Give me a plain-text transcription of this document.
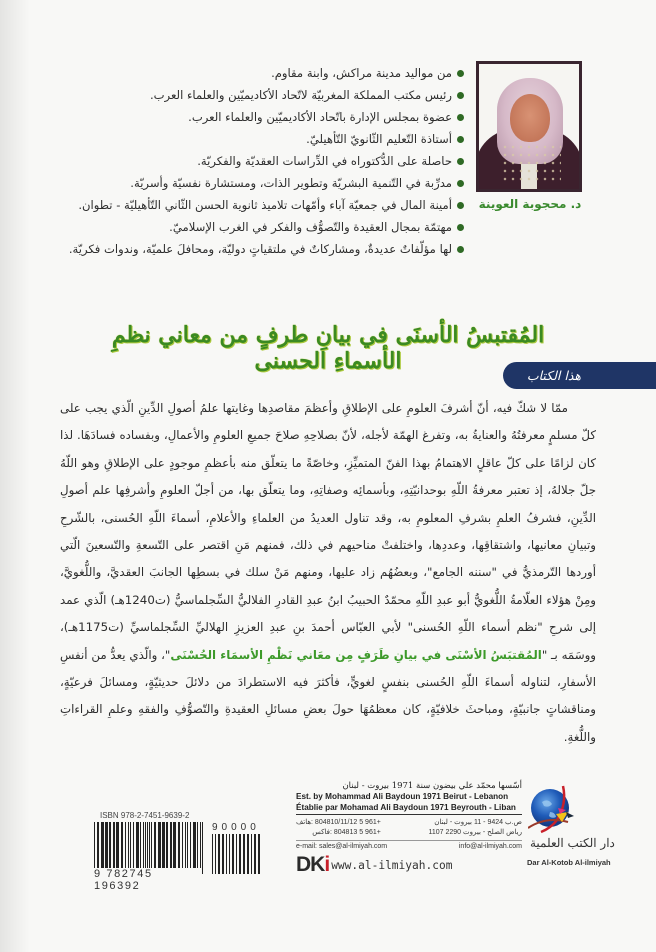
د. محجوبة العوينة
من مواليد مدينة مراكش، وابنة مقاوم.
رئيس مكتب المملكة المغربيّة لاتّحاد الأكاديميّين والعلماء العرب.
عضوة بمجلس الإدارة باتّحاد الأكاديميّين والعلماء العرب.
أستاذة التّعليم الثّانويّ التّأهيليّ.
حاصلة على الدُّكتوراه في الدِّراسات العقديّة والفكريّة.
مدرِّبة في التّنمية البشريّة وتطوير الذات، ومستشارة نفسيّة وأسريّة.
أمينة المال في جمعيّة آباء وأمّهات تلاميذ ثانوية الحسن الثّاني التّأهيليّة - تطوان.
مهتمّة بمجال العقيدة والتّصوُّف والفكر في الغرب الإسلاميّ.
لها مؤلّفاتٌ عديدةٌ، ومشاركاتٌ في ملتقياتٍ دوليّة، ومحافلَ علميّة، وندوات فكريّة.
المُقتبسُ الأسنَى في بيانِ طرفٍ من معاني نظمِ الأسماءِ الحسنى
هذا الكتاب

ممّا لا شكّ فيه، أنّ أشرفَ العلومِ على الإطلاقِ وأعظمَ مقاصدِها وغايتها علمُ أصولِ الدِّينِ الّذي يجب على كلّ مسلمٍ معرفتُهُ والعنايةُ به، وتفرغ الهمّة لأجله، لأنّ بصلاحِهِ صلاحَ جميعِ العلومِ والأعمالِ، وبفساده فسادَهَا. لذا كان لزامًا على كلّ عاقلٍ الاهتمامُ بهذا الفنّ المتميِّزِ، وخاصّةً ما يتعلّق منه بأعظمِ موجودٍ على الإطلاقِ وهو اللّهُ جلّ جلالهُ، إذ تعتبر معرفةُ اللّهِ بوحدانيّتِهِ، وبأسمائِه وصفاتِهِ، وما يتعلّق بها، من أجلّ العلومِ وأشرفِها علم أصولِ الدِّينِ، فشرفُ العلمِ بشرفِ المعلومِ به، وقد تناول العديدُ من العلماءِ والأعلامِ، أسماءَ اللّهِ الحُسنى، بالشّرحِ وتبيانِ معانيها، واشتقاقِها، وعددِها، واختلفتْ مناحيهم في ذلك، فمنهم مَنِ اقتصر على التّسعةِ والتّسعينَ الّتي أوردها التّرمذيُّ في "سننه الجامع"، وبعضُهُم زاد عليها، ومنهم مَنْ سلك في بسطِها الجانبَ العقديَّ، واللُّغويَّ، ومِنْ هؤلاء العلّامةُ اللُّغويُّ أبو عبدِ اللّهِ محمّدٌ الحبيبُ ابنُ عبدِ القادرِ الفلاليُّ السِّجلماسيُّ (ت1240هـ) الّذي عمد إلى شرحِ "نظم أسماء اللّهِ الحُسنى" لأبي العبّاس أحمدَ بنِ عبدِ العزيزِ الهلاليِّ السِّجلماسيِّ (ت1175هـ)، ووسَمَه بـ "المُقتبَسُ الأسْنَى في بيانِ طَرَفٍ مِن معَاني نَظْمِ الأسمَاء الحُسْنَى"، والّذي يعدُّ من أنفسِ الأسفارِ، لتناوله أسماءَ اللّهِ الحُسنى بنفسٍ لغويٍّ، فأكثرَ فيه الاستطرادَ من دلائلَ حديثيّةٍ، ومسائلَ فرعيّةٍ، ومناقشاتٍ جانبيّةٍ، ومباحثَ خلافيّةٍ، كان معظمُهَا حولَ بعضِ مسائلِ العقيدةِ والتّصوُّفِ والفقهِ وعلمِ القراءاتِ واللُّغةِ.

ISBN 978-2-7451-9639-2
9 782745 196392
90000
أسّسها محمّد علي بيضون سنة 1971 بيروت - لبنان
Est. by Mohammad Ali Baydoun 1971 Beirut - Lebanon
Établie par Mohamad Ali Baydoun 1971 Beyrouth - Liban
+961 5 804810/11/12 :هاتف
+961 5 804813 :فاكس
ص.ب 9424 - 11 بيروت - لبنان
رياض الصلح - بيروت 2290 1107
e-mail: sales@al-ilmiyah.com	info@al-ilmiyah.com
DKi www.al-ilmiyah.com
دار الكتب العلمية
Dar Al-Kotob Al-ilmiyah
